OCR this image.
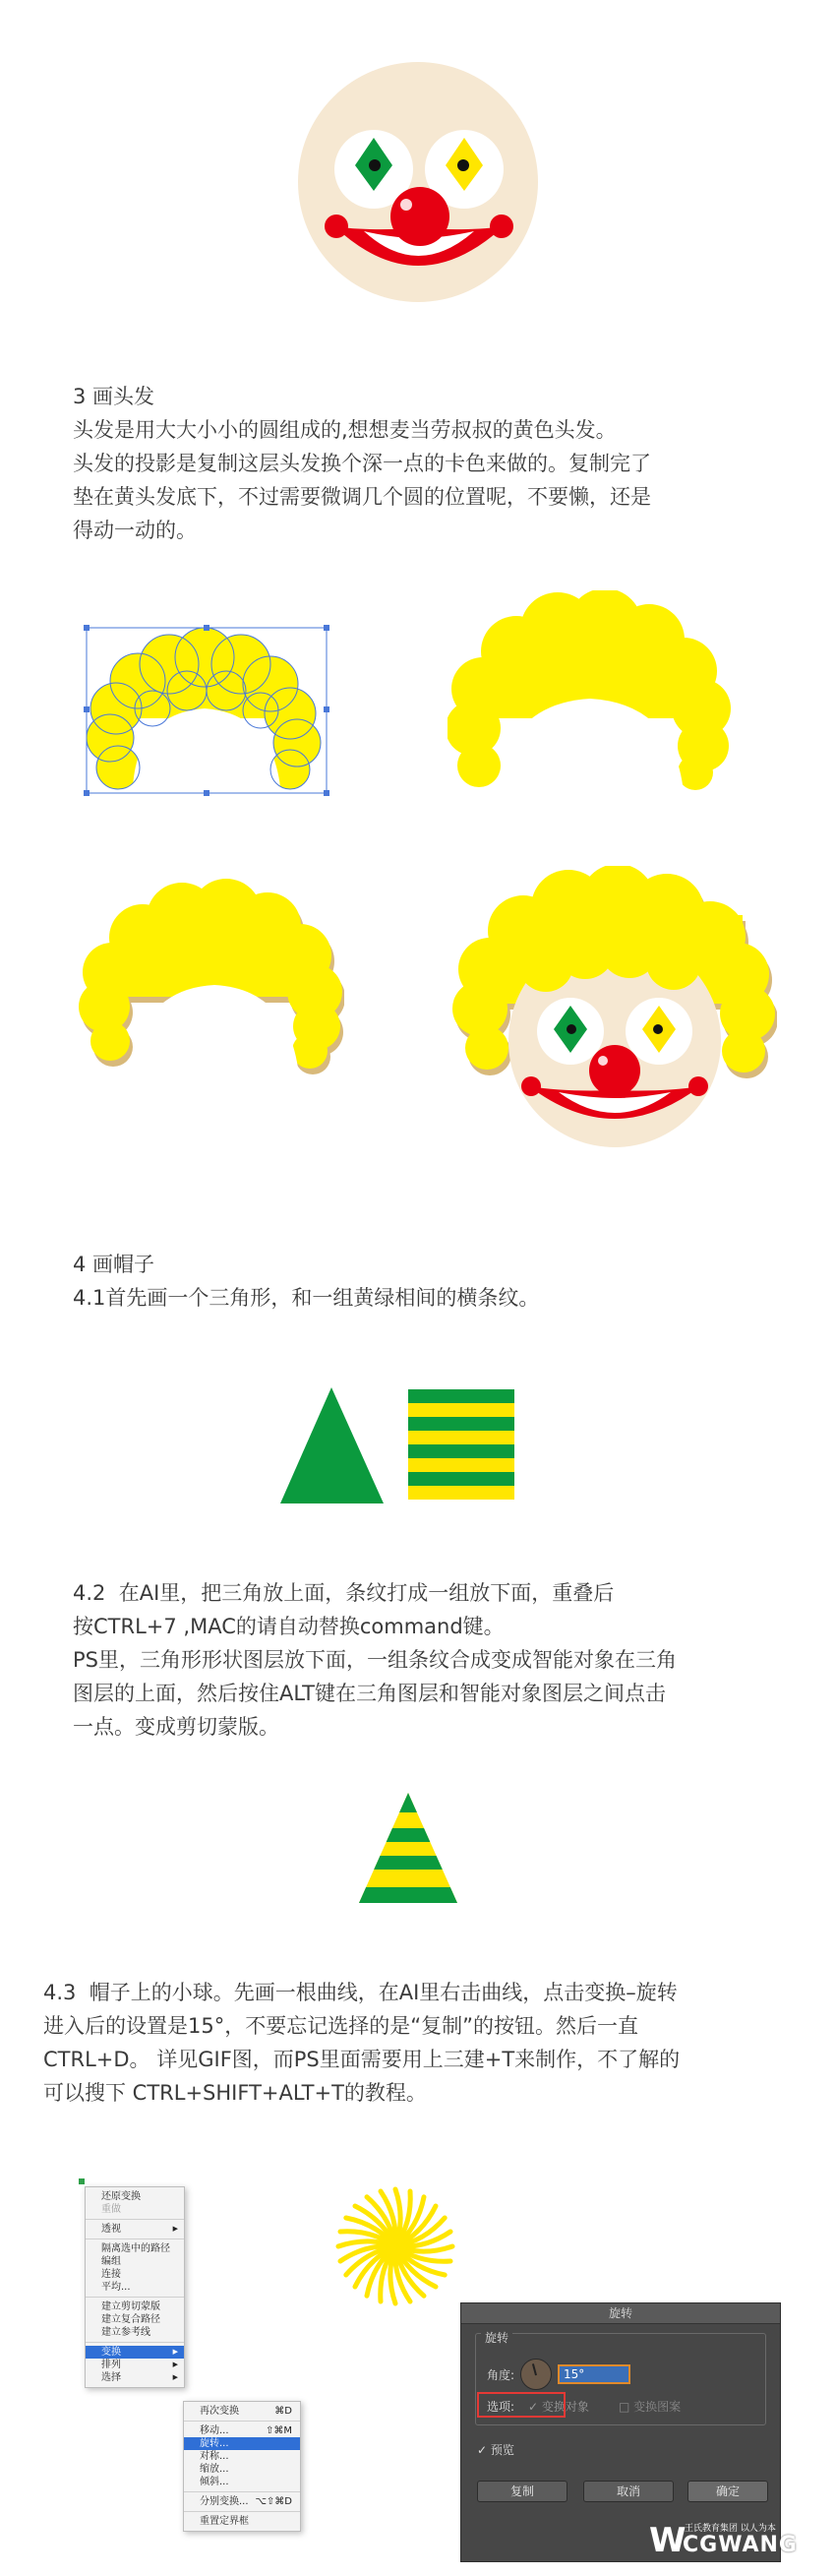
3 画头发
头发是用大大小小的圆组成的,想想麦当劳叔叔的黄色头发。
头发的投影是复制这层头发换个深一点的卡色来做的。复制完了
垫在黄头发底下，不过需要微调几个圆的位置呢，不要懒，还是
得动一动的。
4 画帽子
4.1首先画一个三角形，和一组黄绿相间的横条纹。
4.2  在AI里，把三角放上面，条纹打成一组放下面，重叠后
按CTRL+7 ,MAC的请自动替换command键。
PS里，三角形形状图层放下面，一组条纹合成变成智能对象在三角
图层的上面，然后按住ALT键在三角图层和智能对象图层之间点击
一点。变成剪切蒙版。
4.3  帽子上的小球。先画一根曲线，在AI里右击曲线，点击变换–旋转
进入后的设置是15°，不要忘记选择的是“复制”的按钮。然后一直
CTRL+D。 详见GIF图，而PS里面需要用上三建+T来制作，不了解的
可以搜下 CTRL+SHIFT+ALT+T的教程。
还原变换
重做
透视	▶
隔离选中的路径
编组
连接
平均...
建立剪切蒙版
建立复合路径
建立参考线
变换	▶
排列	▶
选择	▶
再次变换	⌘D
移动...	⇧⌘M
旋转...
对称...
缩放...
倾斜...
分别变换... ⌥⇧⌘D
重置定界框
旋转
旋转
角度:
15°
选项: ✓ 变换对象	□ 变换图案
✓ 预览
复制	取消	确定
W
王氏教育集团 以人为本
CGWANG
